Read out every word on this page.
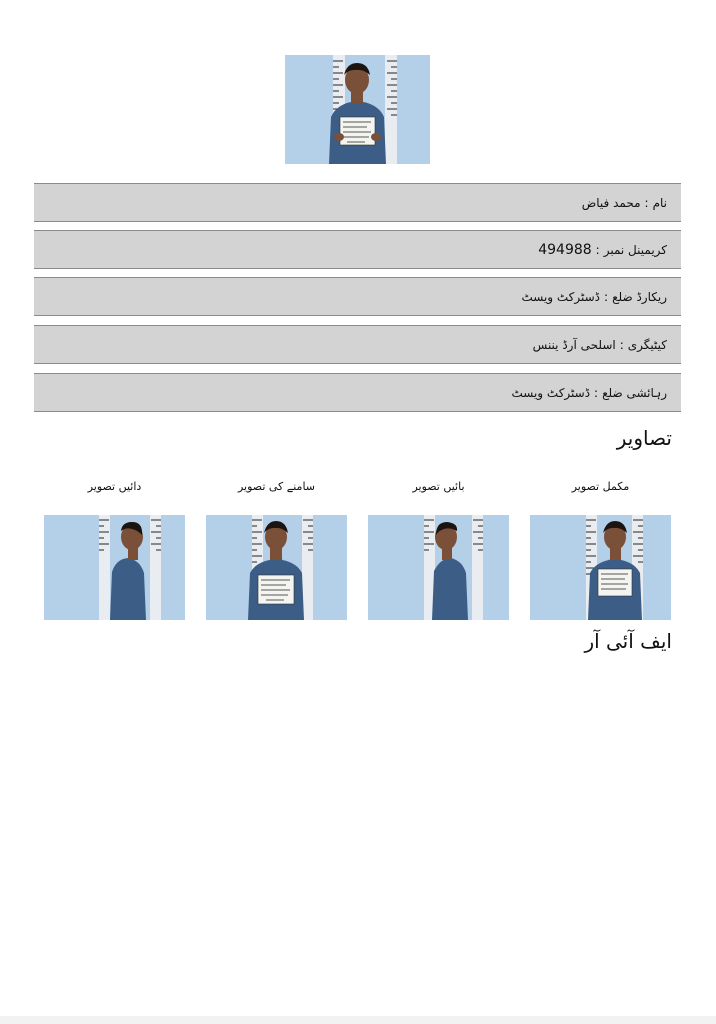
نام
:
محمد فیاض
کریمینل نمبر
:
494988
ریکارڈ ضلع
:
ڈسٹرکٹ ویسٹ
کیٹیگری
:
اسلحی آرڈ یننس
رہائشی ضلع
:
ڈسٹرکٹ ویسٹ
تصاویر
مکمل تصویر
بائیں تصویر
سامنے کی تصویر
دائیں تصویر
ایف آئی آر
